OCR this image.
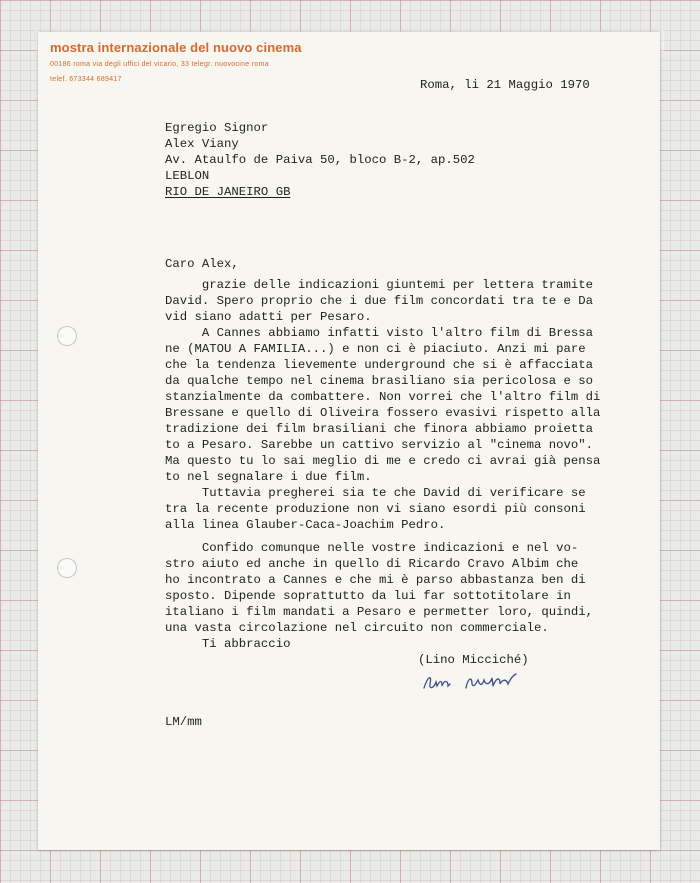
mostra internazionale del nuovo cinema
00186 roma via degli uffici del vicario, 33 telegr. nuovocine roma
telef. 673344 689417	Roma, li 21 Maggio 1970
Egregio Signor
Alex Viany
Av. Ataulfo de Paiva 50, bloco B-2, ap.502
LEBLON
RIO DE JANEIRO GB
Caro Alex,
grazie delle indicazioni giuntemi per lettera tramite
David. Spero proprio che i due film concordati tra te e Da
vid siano adatti per Pesaro.
A Cannes abbiamo infatti visto l'altro film di Bressa
ne (MATOU A FAMILIA...) e non ci è piaciuto. Anzi mi pare
che la tendenza lievemente underground che si è affacciata
da qualche tempo nel cinema brasiliano sia pericolosa e so
stanzialmente da combattere. Non vorrei che l'altro film di
Bressane e quello di Oliveira fossero evasivi rispetto alla
tradizione dei film brasiliani che finora abbiamo proietta
to a Pesaro. Sarebbe un cattivo servizio al "cinema novo".
Ma questo tu lo sai meglio di me e credo ci avrai già pensa
to nel segnalare i due film.
Tuttavia pregherei sia te che David di verificare se
tra la recente produzione non vi siano esordi più consoni
alla linea Glauber-Caca-Joachim Pedro.
Confido comunque nelle vostre indicazioni e nel vo-
stro aiuto ed anche in quello di Ricardo Cravo Albim che
ho incontrato a Cannes e che mi è parso abbastanza ben di
sposto. Dipende soprattutto da lui far sottotitolare in
italiano i film mandati a Pesaro e permetter loro, quindi,
una vasta circolazione nel circuito non commerciale.
Ti abbraccio
(Lino Micciché)
LM/mm
